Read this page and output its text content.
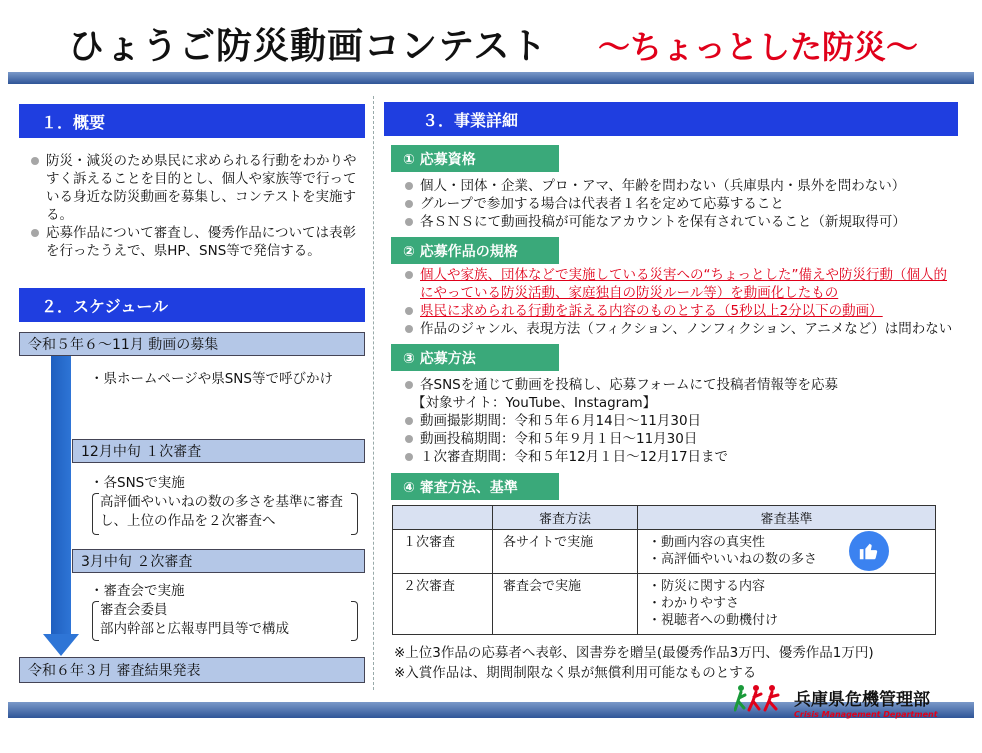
ひょうご防災動画コンテスト 〜ちょっとした防災〜
１．概要
防災・減災のため県民に求められる行動をわかりやすく訴えることを目的とし、個人や家族等で行っている身近な防災動画を募集し、コンテストを実施する。
応募作品について審査し、優秀作品については表彰を行ったうえで、県HP、SNS等で発信する。
２．スケジュール
令和５年６～11月 動画の募集
・県ホームページや県SNS等で呼びかけ
12月中旬 １次審査
・各SNSで実施
高評価やいいねの数の多さを基準に審査し、上位の作品を２次審査へ
3月中旬 ２次審査
・審査会で実施
審査会委員
部内幹部と広報専門員等で構成
令和６年３月 審査結果発表
３．事業詳細
① 応募資格
個人・団体・企業、プロ・アマ、年齢を問わない（兵庫県内・県外を問わない）
グループで参加する場合は代表者１名を定めて応募すること
各ＳＮＳにて動画投稿が可能なアカウントを保有されていること（新規取得可）
② 応募作品の規格
個人や家族、団体などで実施している災害への“ちょっとした”備えや防災行動（個人的にやっている防災活動、家庭独自の防災ルール等）を動画化したもの
県民に求められる行動を訴える内容のものとする（5秒以上2分以下の動画）
作品のジャンル、表現方法（フィクション、ノンフィクション、アニメなど）は問わない
③ 応募方法
各SNSを通じて動画を投稿し、応募フォームにて投稿者情報等を応募
【対象サイト：YouTube、Instagram】
動画撮影期間：令和５年６月14日～11月30日
動画投稿期間：令和５年９月１日～11月30日
１次審査期間：令和５年12月１日～12月17日まで
④ 審査方法、基準
	審査方法	審査基準
１次審査	各サイトで実施	・動画内容の真実性
・高評価やいいねの数の多さ

２次審査	審査会で実施	・防災に関する内容
・わかりやすさ
・視聴者への動機付け
※上位3作品の応募者へ表彰、図書券を贈呈(最優秀作品3万円、優秀作品1万円)
※入賞作品は、期間制限なく県が無償利用可能なものとする
兵庫県危機管理部
Crisis Management Department
